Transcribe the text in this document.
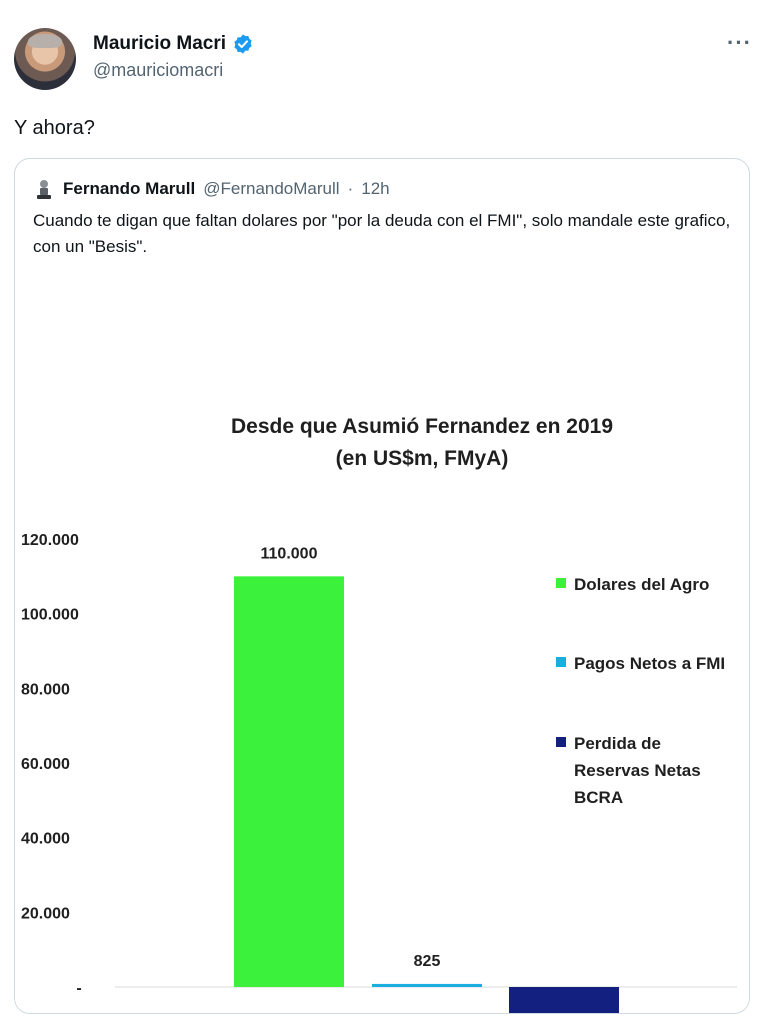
Mauricio Macri
@mauriciomacri
···
Y ahora?
Fernando Marull @FernandoMarull · 12h
Cuando te digan que faltan dolares por "por la deuda con el FMI", solo mandale este grafico, con un "Besis".
Desde que Asumió Fernandez en 2019
(en US$m, FMyA)
120.000
100.000
80.000
60.000
40.000
20.000
-
110.000
825
Dolares del Agro
Pagos Netos a FMI
Perdida de
Reservas Netas
BCRA
